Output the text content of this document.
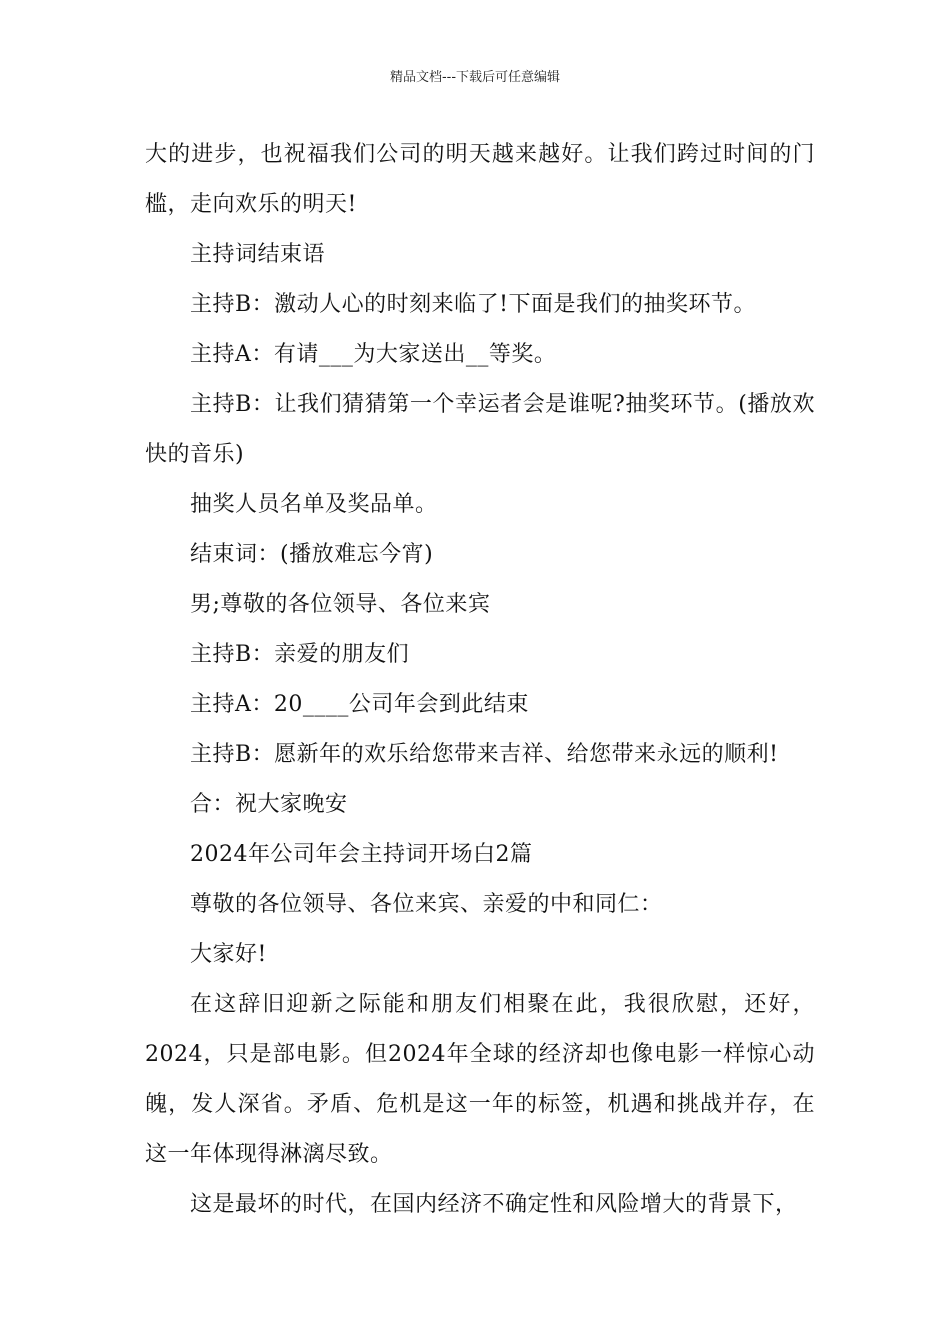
精品文档---下载后可任意编辑

大的进步，也祝福我们公司的明天越来越好。让我们跨过时间的门槛，走向欢乐的明天!

主持词结束语

主持B：激动人心的时刻来临了!下面是我们的抽奖环节。

主持A：有请___为大家送出__等奖。

主持B：让我们猜猜第一个幸运者会是谁呢?抽奖环节。(播放欢快的音乐)

抽奖人员名单及奖品单。

结束词：(播放难忘今宵)

男;尊敬的各位领导、各位来宾

主持B：亲爱的朋友们

主持A：20____公司年会到此结束

主持B：愿新年的欢乐给您带来吉祥、给您带来永远的顺利!

合：祝大家晚安

2024年公司年会主持词开场白2篇

尊敬的各位领导、各位来宾、亲爱的中和同仁：

大家好!

在这辞旧迎新之际能和朋友们相聚在此，我很欣慰，还好，2024，只是部电影。但2024年全球的经济却也像电影一样惊心动魄，发人深省。矛盾、危机是这一年的标签，机遇和挑战并存，在这一年体现得淋漓尽致。

这是最坏的时代，在国内经济不确定性和风险增大的背景下，
